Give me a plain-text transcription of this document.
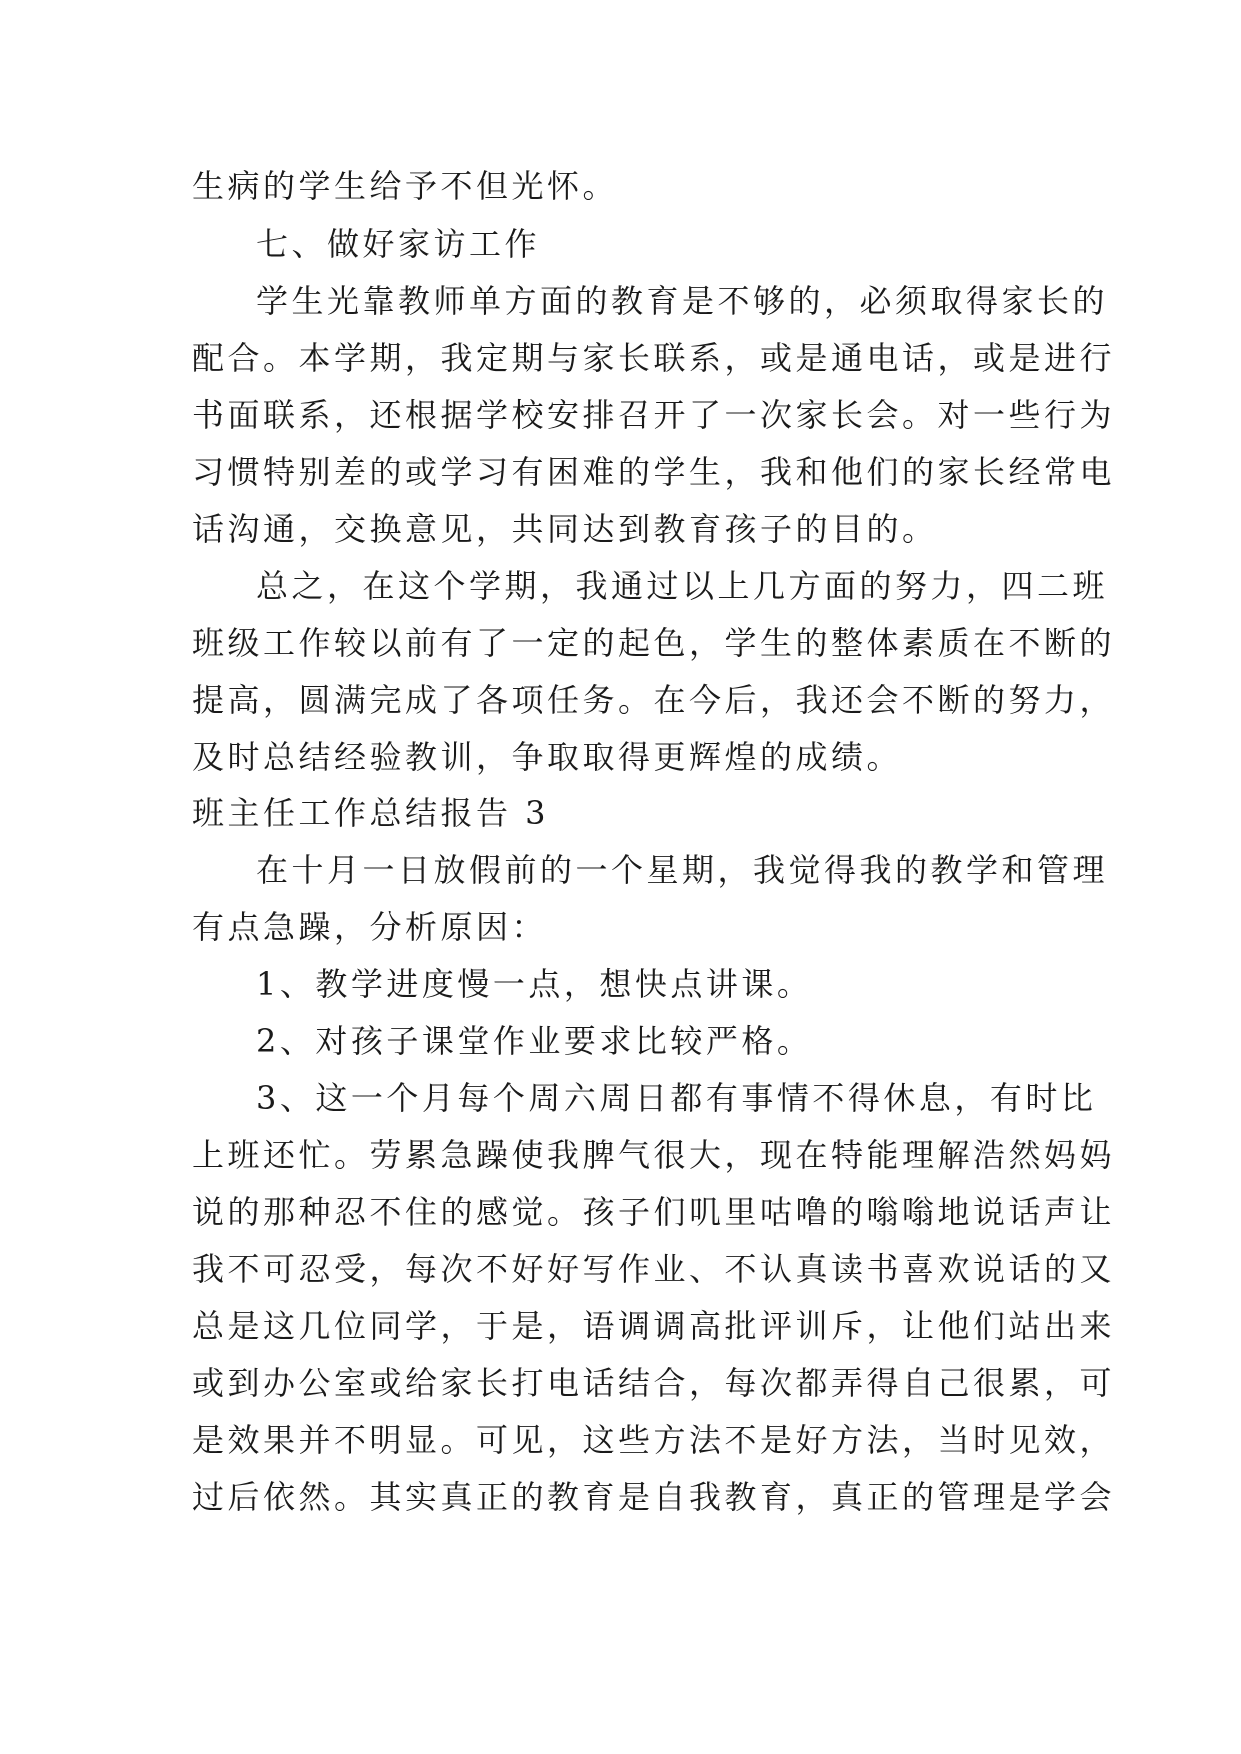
生病的学生给予不但光怀。
七、做好家访工作
学生光靠教师单方面的教育是不够的，必须取得家长的
配合。本学期，我定期与家长联系，或是通电话，或是进行
书面联系，还根据学校安排召开了一次家长会。对一些行为
习惯特别差的或学习有困难的学生，我和他们的家长经常电
话沟通，交换意见，共同达到教育孩子的目的。
总之，在这个学期，我通过以上几方面的努力，四二班
班级工作较以前有了一定的起色，学生的整体素质在不断的
提高，圆满完成了各项任务。在今后，我还会不断的努力，
及时总结经验教训，争取取得更辉煌的成绩。
班主任工作总结报告 3
在十月一日放假前的一个星期，我觉得我的教学和管理
有点急躁，分析原因：
1、教学进度慢一点，想快点讲课。
2、对孩子课堂作业要求比较严格。
3、这一个月每个周六周日都有事情不得休息，有时比
上班还忙。劳累急躁使我脾气很大，现在特能理解浩然妈妈
说的那种忍不住的感觉。孩子们叽里咕噜的嗡嗡地说话声让
我不可忍受，每次不好好写作业、不认真读书喜欢说话的又
总是这几位同学，于是，语调调高批评训斥，让他们站出来
或到办公室或给家长打电话结合，每次都弄得自己很累，可
是效果并不明显。可见，这些方法不是好方法，当时见效，
过后依然。其实真正的教育是自我教育，真正的管理是学会
